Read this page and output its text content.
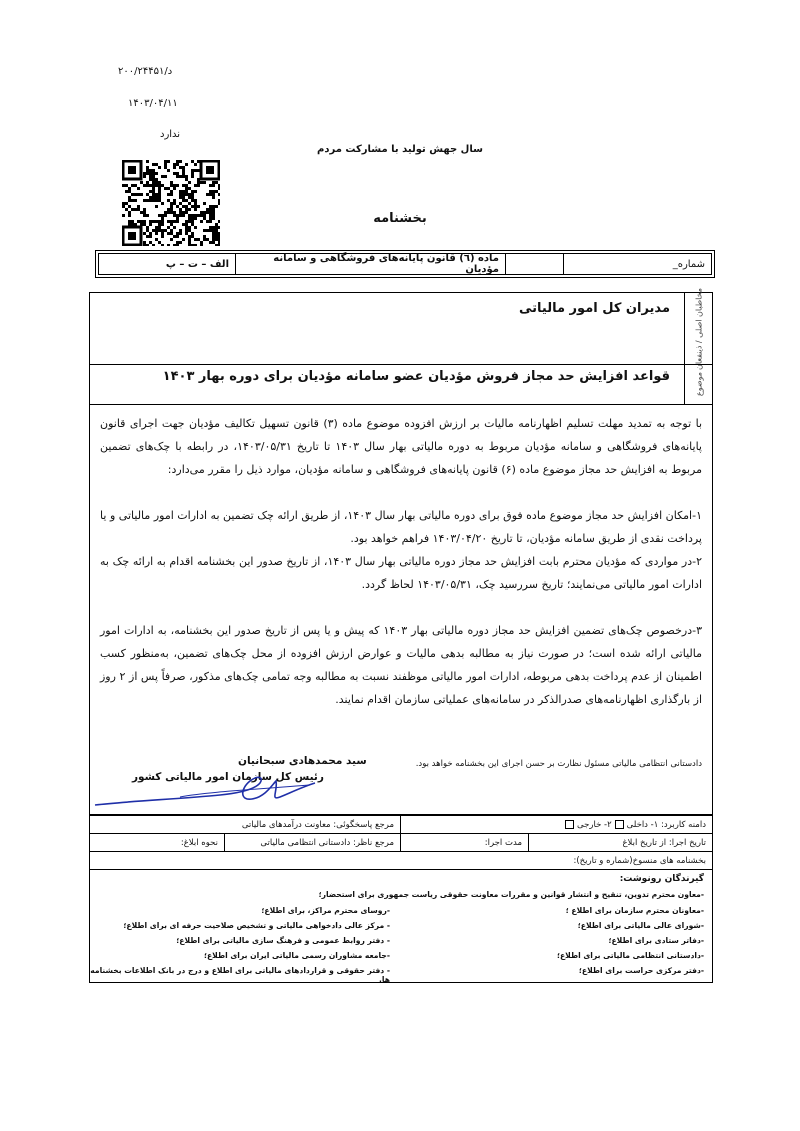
د/۲۰۰/۲۴۴۵۱
۱۴۰۳/۰۴/۱۱
ندارد
سال جهش تولید با مشارکت مردم
بخشنامه
شماره
_
ماده (٦) قانون پایانه‌های فروشگاهی و سامانه مؤدیان
الف – ت – پ
مخاطبان اصلی / ذینفعان
موضوع
مدیران کل امور مالیاتی
قواعد افزایش حد مجاز فروش مؤدیان عضو سامانه مؤدیان برای دوره بهار ۱۴۰۳
با توجه به تمدید مهلت تسلیم اظهارنامه مالیات بر ارزش افزوده موضوع ماده (۳) قانون تسهیل تکالیف مؤدیان جهت اجرای قانون پایانه‌های فروشگاهی و سامانه مؤدیان مربوط به دوره مالیاتی بهار سال ۱۴۰۳ تا تاریخ ۱۴۰۳/۰۵/۳۱، در رابطه با چک‌های تضمین مربوط به افزایش حد مجاز موضوع ماده (۶) قانون پایانه‌های فروشگاهی و سامانه مؤدیان، موارد ذیل را مقرر می‌دارد:
۱-امکان افزایش حد مجاز موضوع ماده فوق برای دوره مالیاتی بهار سال ۱۴۰۳، از طریق ارائه چک تضمین به ادارات امور مالیاتی و یا پرداخت نقدی از طریق سامانه مؤدیان، تا تاریخ ۱۴۰۳/۰۴/۲۰ فراهم خواهد بود.
۲-در مواردی که مؤدیان محترم بابت افزایش حد مجاز دوره مالیاتی بهار سال ۱۴۰۳، از تاریخ صدور این بخشنامه اقدام به ارائه چک به ادارات امور مالیاتی می‌نمایند؛ تاریخ سررسید چک، ۱۴۰۳/۰۵/۳۱ لحاظ گردد.
۳-درخصوص چک‌های تضمین افزایش حد مجاز دوره مالیاتی بهار ۱۴۰۳ که پیش و یا پس از تاریخ صدور این بخشنامه، به ادارات امور مالیاتی ارائه شده است؛ در صورت نیاز به مطالبه بدهی مالیات و عوارض ارزش افزوده از محل چک‌های تضمین، به‌منظور کسب اطمینان از عدم پرداخت بدهی مربوطه، ادارات امور مالیاتی موظفند نسبت به مطالبه وجه تمامی چک‌های مذکور، صرفاً پس از ۲ روز از بارگذاری اظهارنامه‌های صدرالذکر در سامانه‌های عملیاتی سازمان اقدام نمایند.
دادستانی انتظامی مالیاتی مسئول نظارت بر حسن اجرای این بخشنامه خواهد بود.
سید محمدهادی سبحانیان
رئیس کل سازمان امور مالیاتی کشور
دامنه کاربرد: ۱- داخلی
۲- خارجی
مرجع پاسخگوئی: معاونت درآمدهای مالیاتی
تاریخ اجرا: از تاریخ ابلاغ
مدت اجرا:
مرجع ناظر: دادستانی انتظامی مالیاتی
نحوه ابلاغ:
بخشنامه های منسوخ(شماره و تاریخ):
گیرندگان رونوشت:
-معاون محترم تدوین، تنقیح و انتشار قوانین و مقررات معاونت حقوقی ریاست جمهوری برای استحضار؛
-معاونان محترم سازمان برای اطلاع ؛
-شورای عالی مالیاتی برای اطلاع؛
-دفاتر ستادی برای اطلاع؛
-دادستانی انتظامی مالیاتی برای اطلاع؛
-دفتر مرکزی حراست برای اطلاع؛
-روسای محترم مراکز، برای اطلاع؛
- مرکز عالی دادخواهی مالیاتی و تشخیص صلاحیت حرفه ای برای اطلاع؛
- دفتر روابط عمومی و فرهنگ سازی مالیاتی برای اطلاع؛
-جامعه مشاوران رسمی مالیاتی ایران برای اطلاع؛
- دفتر حقوقی و قراردادهای مالیاتی برای اطلاع و درج در بانک اطلاعات بخشنامه ها.
